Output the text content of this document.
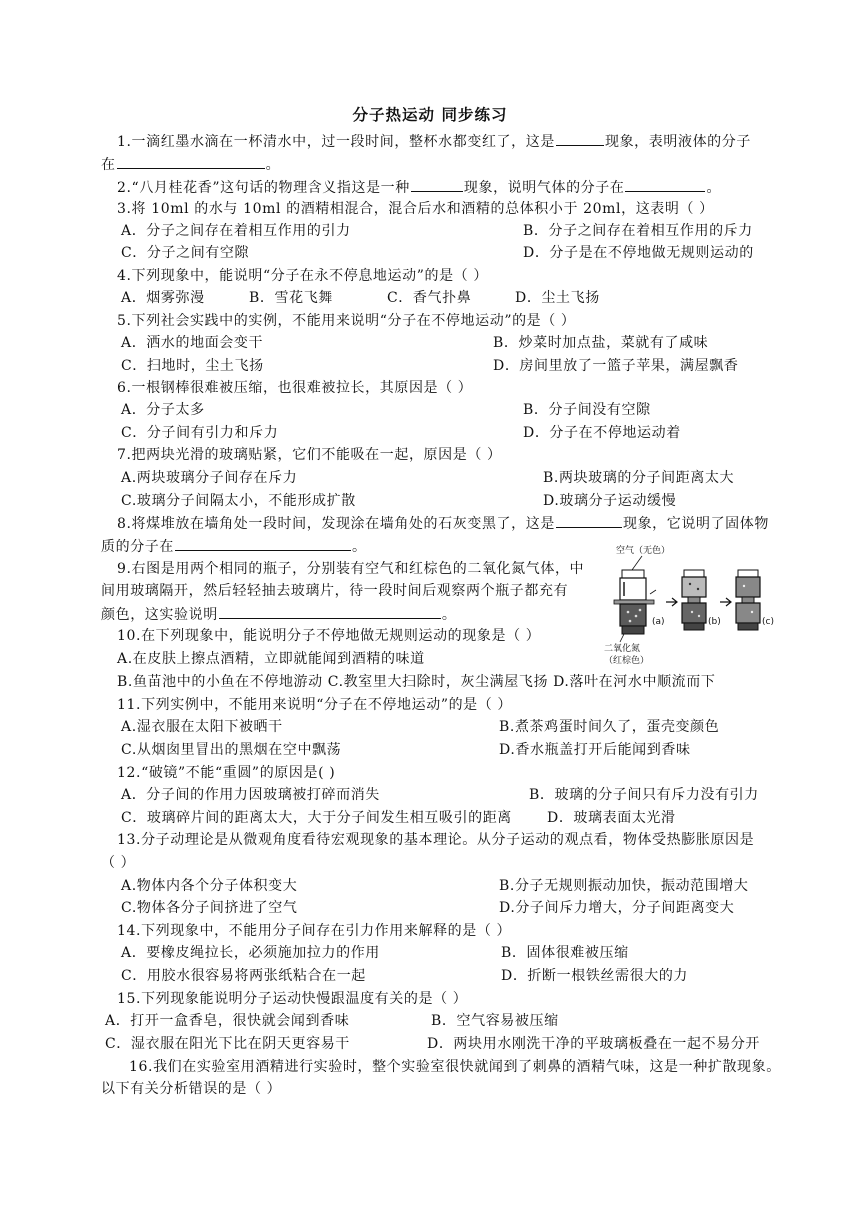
分子热运动 同步练习
1.一滴红墨水滴在一杯清水中，过一段时间，整杯水都变红了，这是	现象，表明液体的分子
在	。
2.“八月桂花香”这句话的物理含义指这是一种	现象，说明气体的分子在	。
3.将 10ml 的水与 10ml 的酒精相混合，混合后水和酒精的总体积小于 20ml，这表明（ ）
A．分子之间存在着相互作用的引力	B．分子之间存在着相互作用的斥力
C．分子之间有空隙	D．分子是在不停地做无规则运动的
4.下列现象中，能说明“分子在永不停息地运动”的是（ ）
A．烟雾弥漫	B．雪花飞舞	C．香气扑鼻	D．尘土飞扬
5.下列社会实践中的实例，不能用来说明“分子在不停地运动”的是（ ）
A．洒水的地面会变干	B．炒菜时加点盐，菜就有了咸味
C．扫地时，尘土飞扬	D．房间里放了一篮子苹果，满屋飘香
6.一根钢棒很难被压缩，也很难被拉长，其原因是（ ）
A．分子太多	B．分子间没有空隙
C．分子间有引力和斥力	D．分子在不停地运动着
7.把两块光滑的玻璃贴紧，它们不能吸在一起，原因是（ ）
A.两块玻璃分子间存在斥力	B.两块玻璃的分子间距离太大
C.玻璃分子间隔太小，不能形成扩散	D.玻璃分子运动缓慢
8.将煤堆放在墙角处一段时间，发现涂在墙角处的石灰变黑了，这是	现象，它说明了固体物
质的分子在	。
9.右图是用两个相同的瓶子，分别装有空气和红棕色的二氧化氮气体，中
间用玻璃隔开，然后轻轻抽去玻璃片，待一段时间后观察两个瓶子都充有
颜色，这实验说明	。
空气（无色）
(a)	(b)	(c)
二氧化氮
（红棕色）
10.在下列现象中，能说明分子不停地做无规则运动的现象是（ ）
A.在皮肤上擦点酒精，立即就能闻到酒精的味道
B.鱼苗池中的小鱼在不停地游动 C.教室里大扫除时，灰尘满屋飞扬 D.落叶在河水中顺流而下
11.下列实例中，不能用来说明“分子在不停地运动”的是（ ）
A.湿衣服在太阳下被晒干	B.煮茶鸡蛋时间久了，蛋壳变颜色
C.从烟囱里冒出的黑烟在空中飘荡	D.香水瓶盖打开后能闻到香味
12.“破镜”不能“重圆”的原因是( )
A．分子间的作用力因玻璃被打碎而消失	B．玻璃的分子间只有斥力没有引力
C．玻璃碎片间的距离太大，大于分子间发生相互吸引的距离	D．玻璃表面太光滑
13.分子动理论是从微观角度看待宏观现象的基本理论。从分子运动的观点看，物体受热膨胀原因是
（ ）
A.物体内各个分子体积变大	B.分子无规则振动加快，振动范围增大
C.物体各分子间挤进了空气	D.分子间斥力增大，分子间距离变大
14.下列现象中，不能用分子间存在引力作用来解释的是（ ）
A．要橡皮绳拉长，必须施加拉力的作用	B．固体很难被压缩
C．用胶水很容易将两张纸粘合在一起	D．折断一根铁丝需很大的力
15.下列现象能说明分子运动快慢跟温度有关的是（ ）
A．打开一盒香皂，很快就会闻到香味	B．空气容易被压缩
C．湿衣服在阳光下比在阴天更容易干	D．两块用水刚洗干净的平玻璃板叠在一起不易分开
16.我们在实验室用酒精进行实验时，整个实验室很快就闻到了刺鼻的酒精气味，这是一种扩散现象。
以下有关分析错误的是（ ）
